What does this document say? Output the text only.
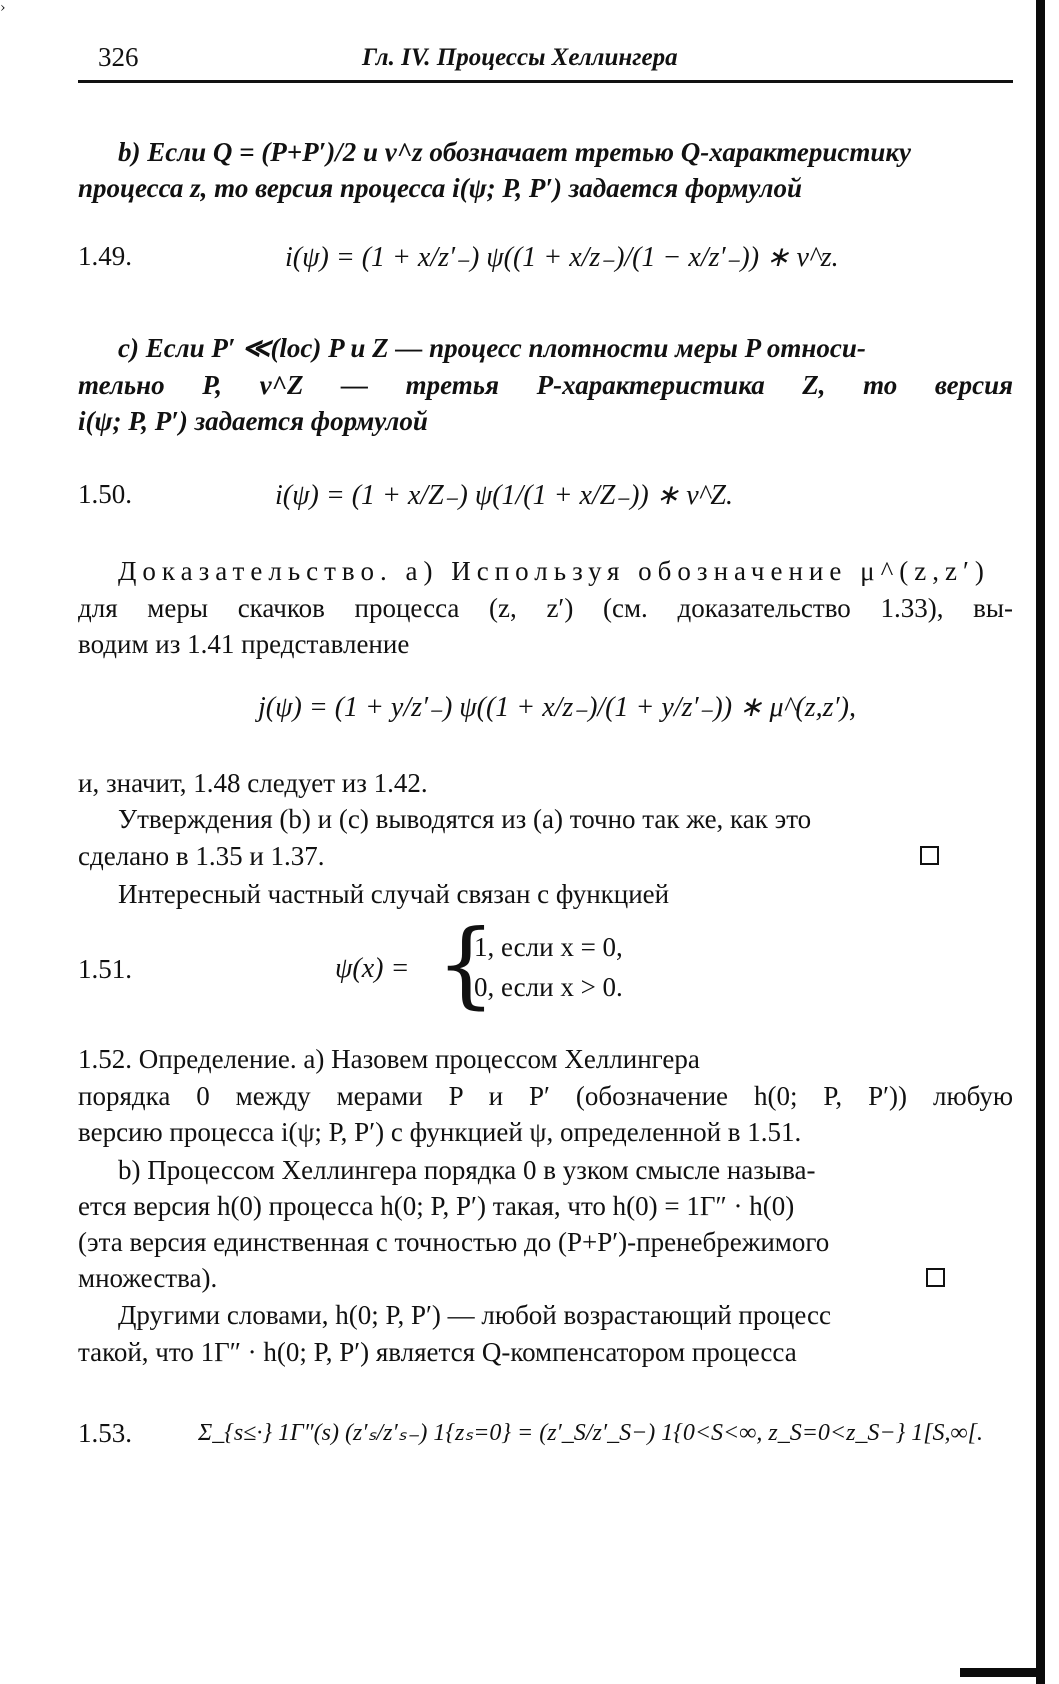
›
326	Гл. IV. Процессы Хеллингера
b) Если Q = (P+P′)/2 и ν^z обозначает третью Q-характеристику
процесса z, то версия процесса i(ψ; P, P′) задается формулой
1.49.	i(ψ) = (1 + x/z′₋) ψ((1 + x/z₋)/(1 − x/z′₋)) ∗ ν^z.
c) Если P′ ≪(loc) P и Z — процесс плотности меры P относи-
тельно P, ν^Z — третья P-характеристика Z, то версия
i(ψ; P, P′) задается формулой
1.50.	i(ψ) = (1 + x/Z₋) ψ(1/(1 + x/Z₋)) ∗ ν^Z.
Доказательство. a) Используя обозначение μ^(z,z′)
для меры скачков процесса (z, z′) (см. доказательство 1.33), вы-
водим из 1.41 представление
j(ψ) = (1 + y/z′₋) ψ((1 + x/z₋)/(1 + y/z′₋)) ∗ μ^(z,z′),
и, значит, 1.48 следует из 1.42.
Утверждения (b) и (c) выводятся из (a) точно так же, как это
сделано в 1.35 и 1.37.
Интересный частный случай связан с функцией
1.51.	ψ(x) = {
1, если x = 0,
0, если x > 0.
1.52. Определение. a) Назовем процессом Хеллингера
порядка 0 между мерами P и P′ (обозначение h(0; P, P′)) любую
версию процесса i(ψ; P, P′) с функцией ψ, определенной в 1.51.
b) Процессом Хеллингера порядка 0 в узком смысле называ-
ется версия h(0) процесса h(0; P, P′) такая, что h(0) = 1Γ″ · h(0)
(эта версия единственная с точностью до (P+P′)-пренебрежимого
множества).
Другими словами, h(0; P, P′) — любой возрастающий процесс
такой, что 1Γ″ · h(0; P, P′) является Q-компенсатором процесса
1.53.	Σ_{s≤·} 1Γ″(s) (z′ₛ/z′ₛ₋) 1{zₛ=0} = (z′_S/z′_S−) 1{0<S<∞, z_S=0<z_S−} 1[S,∞[.
